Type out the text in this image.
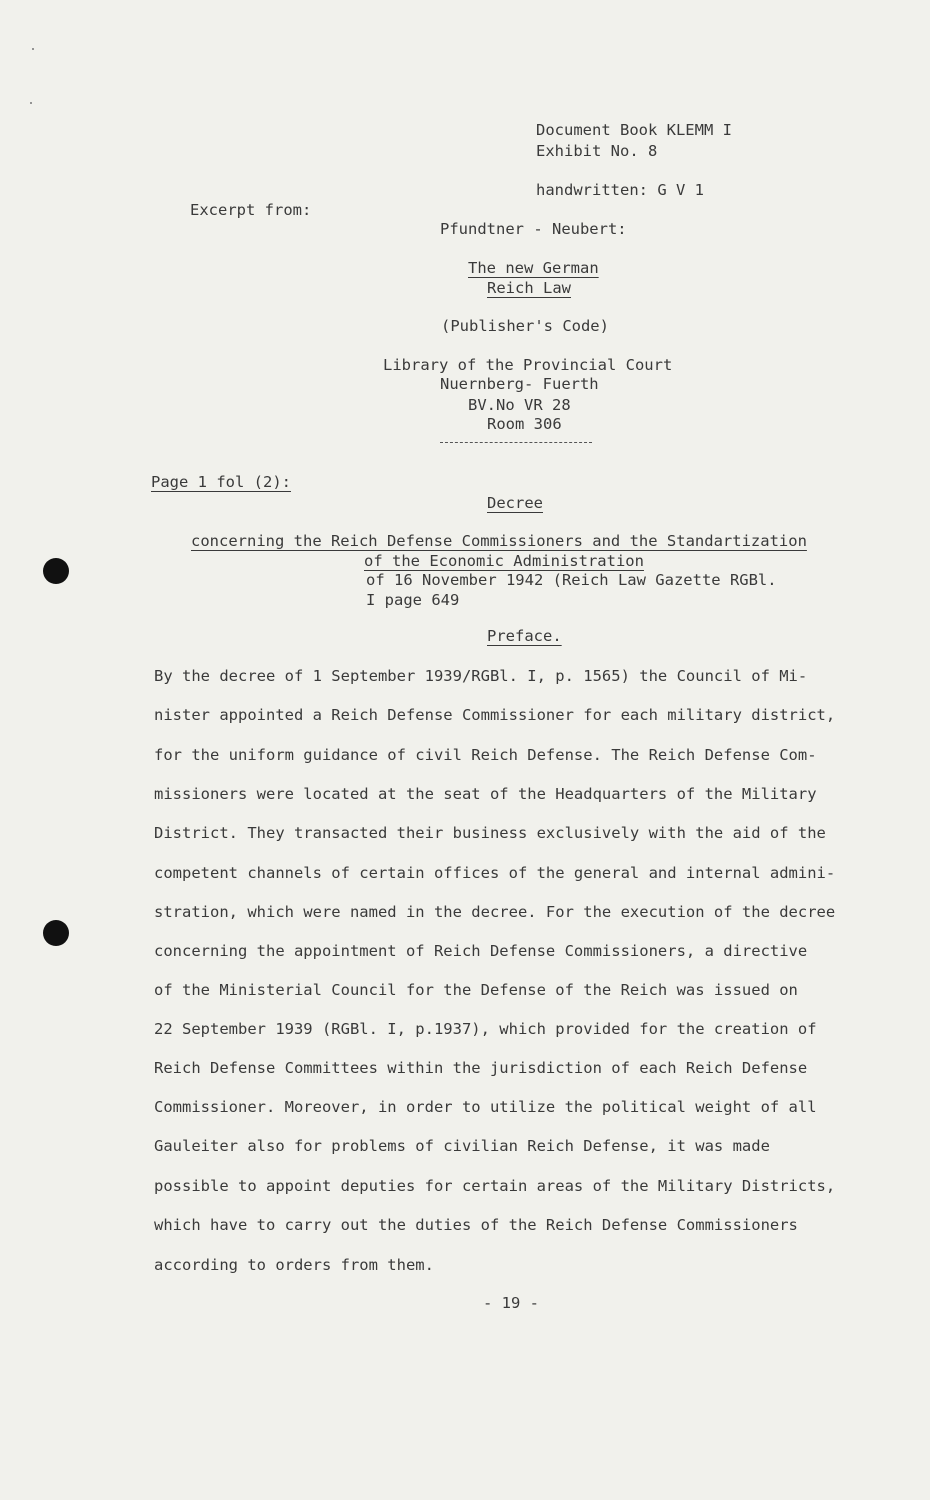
Document Book KLEMM I
Exhibit No. 8
handwritten: G V 1
Excerpt from:
Pfundtner - Neubert:
The new German
Reich Law
(Publisher's Code)
Library of the Provincial Court
Nuernberg- Fuerth
BV.No VR 28
Room 306
Page 1 fol (2):
Decree
concerning the Reich Defense Commissioners and the Standartization
of the Economic Administration
of 16 November 1942 (Reich Law Gazette RGBl.
I page 649
Preface.
By the decree of 1 September 1939/RGBl. I, p. 1565) the Council of Mi-
nister appointed a Reich Defense Commissioner for each military district,
for the uniform guidance of civil Reich Defense. The Reich Defense Com-
missioners were located at the seat of the Headquarters of the Military
District. They transacted their business exclusively with the aid of the
competent channels of certain offices of the general and internal admini-
stration, which were named in the decree. For the execution of the decree
concerning the appointment of Reich Defense Commissioners, a directive
of the Ministerial Council for the Defense of the Reich was issued on
22 September 1939 (RGBl. I, p.1937), which provided for the creation of
Reich Defense Committees within the jurisdiction of each Reich Defense
Commissioner. Moreover, in order to utilize the political weight of all
Gauleiter also for problems of civilian Reich Defense, it was made
possible to appoint deputies for certain areas of the Military Districts,
which have to carry out the duties of the Reich Defense Commissioners
according to orders from them.
- 19 -
